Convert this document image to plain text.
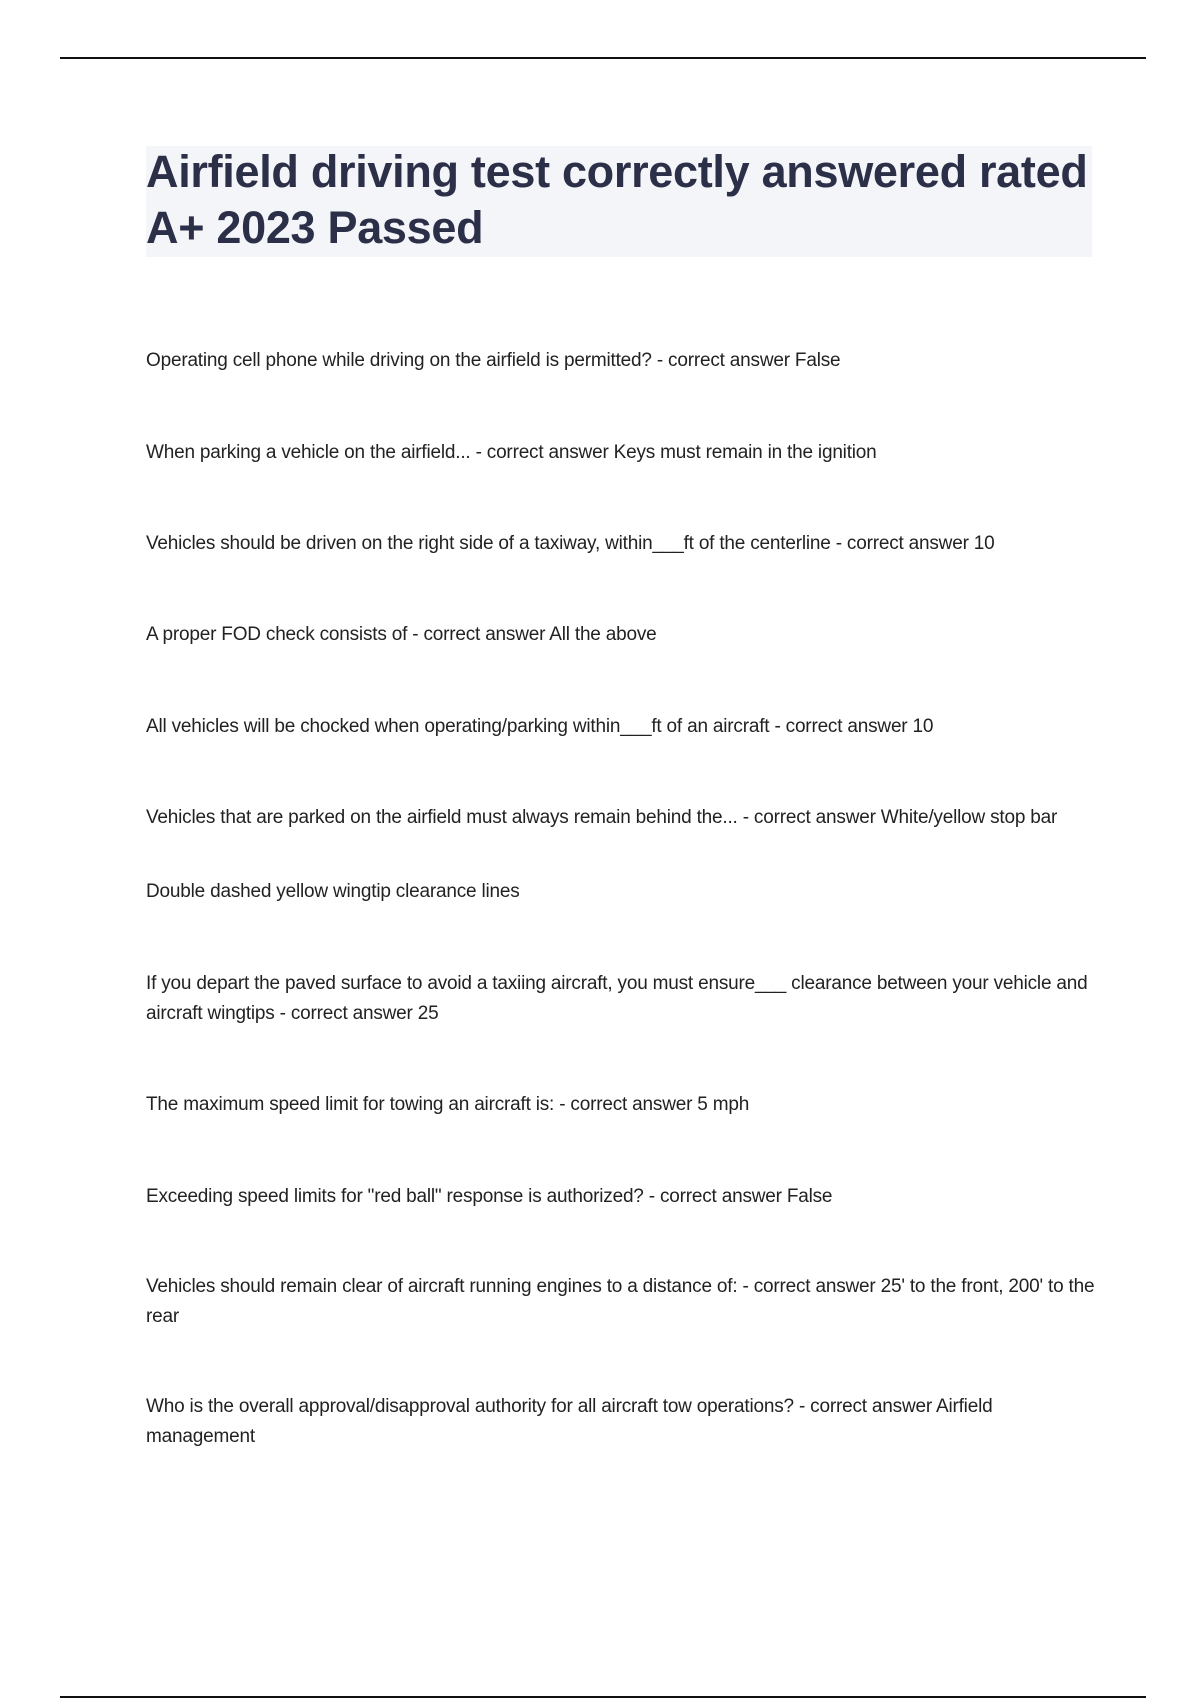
Airfield driving test correctly answered rated A+ 2023 Passed
Operating cell phone while driving on the airfield is permitted? - correct answer False
When parking a vehicle on the airfield... - correct answer Keys must remain in the ignition
Vehicles should be driven on the right side of a taxiway, within___ft of the centerline - correct answer 10
A proper FOD check consists of - correct answer All the above
All vehicles will be chocked when operating/parking within___ft of an aircraft - correct answer 10
Vehicles that are parked on the airfield must always remain behind the... - correct answer White/yellow stop bar
Double dashed yellow wingtip clearance lines
If you depart the paved surface to avoid a taxiing aircraft, you must ensure___ clearance between your vehicle and aircraft wingtips - correct answer 25
The maximum speed limit for towing an aircraft is: - correct answer 5 mph
Exceeding speed limits for "red ball" response is authorized? - correct answer False
Vehicles should remain clear of aircraft running engines to a distance of: - correct answer 25' to the front, 200' to the rear
Who is the overall approval/disapproval authority for all aircraft tow operations? - correct answer Airfield management
